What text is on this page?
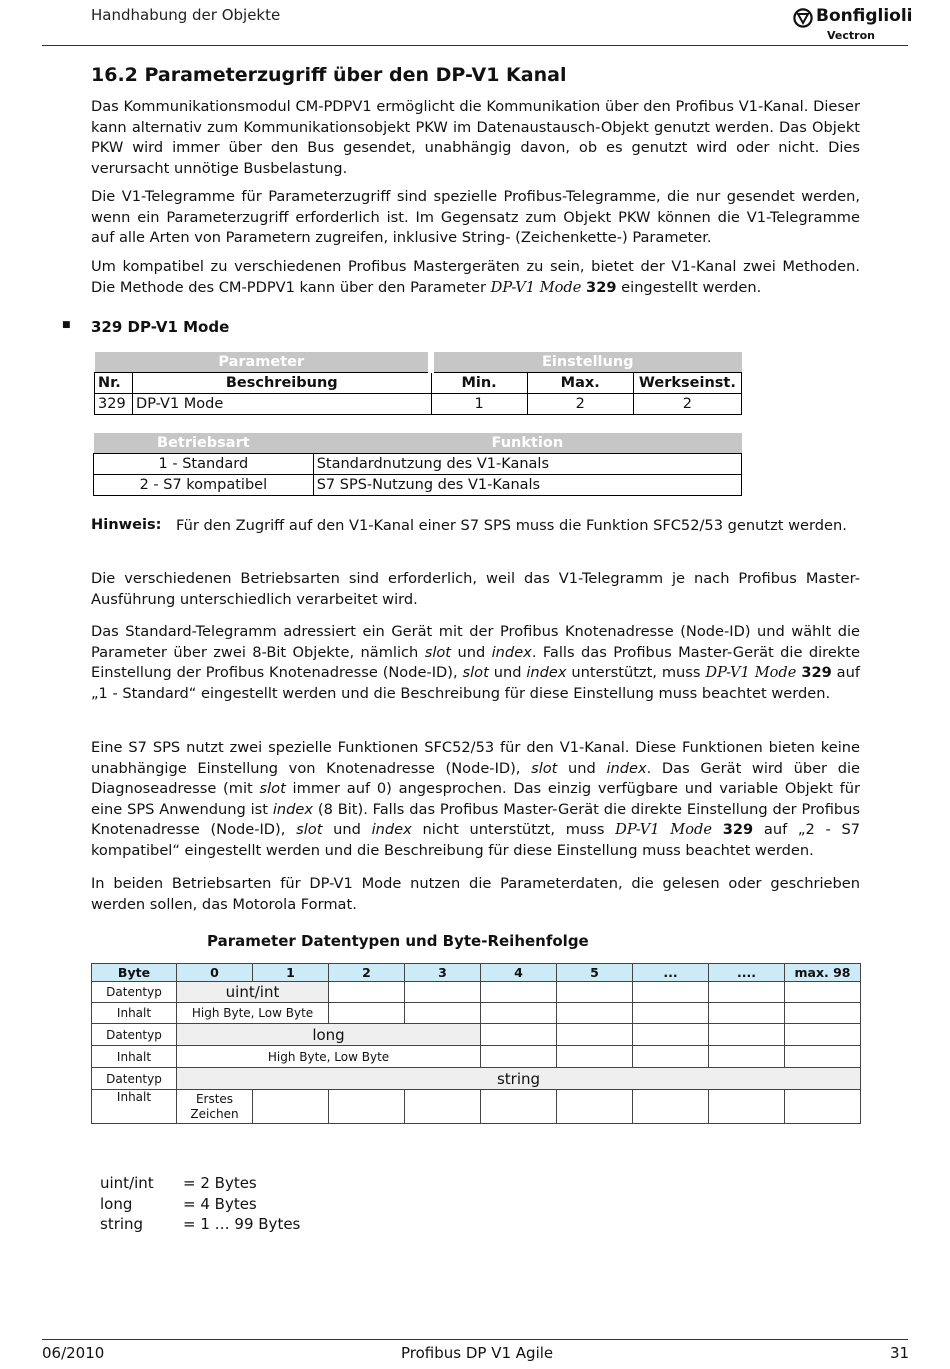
Handhabung der Objekte	Bonfiglioli
Vectron
16.2 Parameterzugriff über den DP-V1 Kanal

Das Kommunikationsmodul CM-PDPV1 ermöglicht die Kommunikation über den Profibus V1-Kanal. Dieser kann alternativ zum Kommunikationsobjekt PKW im Datenaustausch-Objekt genutzt werden. Das Objekt PKW wird immer über den Bus gesendet, unabhängig davon, ob es genutzt wird oder nicht. Dies verursacht unnötige Busbelastung.

Die V1-Telegramme für Parameterzugriff sind spezielle Profibus-Telegramme, die nur gesendet werden, wenn ein Parameterzugriff erforderlich ist. Im Gegensatz zum Objekt PKW können die V1-Telegramme auf alle Arten von Parametern zugreifen, inklusive String- (Zeichenkette-) Parameter.

Um kompatibel zu verschiedenen Profibus Mastergeräten zu sein, bietet der V1-Kanal zwei Methoden. Die Methode des CM-PDPV1 kann über den Parameter DP-V1 Mode 329 eingestellt werden.

■ 329 DP-V1 Mode
Parameter		Einstellung		
Nr.	Beschreibung	Min.	Max.	Werkseinst.
329	DP-V1 Mode	1	2	2
Betriebsart	Funktion
1 - Standard	Standardnutzung des V1-Kanals
2 - S7 kompatibel	S7 SPS-Nutzung des V1-Kanals
Hinweis: Für den Zugriff auf den V1-Kanal einer S7 SPS muss die Funktion SFC52/53 genutzt werden.

Die verschiedenen Betriebsarten sind erforderlich, weil das V1-Telegramm je nach Profibus Master-Ausführung unterschiedlich verarbeitet wird.

Das Standard-Telegramm adressiert ein Gerät mit der Profibus Knotenadresse (Node-ID) und wählt die Parameter über zwei 8-Bit Objekte, nämlich slot und index. Falls das Profibus Master-Gerät die direkte Einstellung der Profibus Knotenadresse (Node-ID), slot und index unterstützt, muss DP-V1 Mode 329 auf „1 - Standard“ eingestellt werden und die Beschreibung für diese Einstellung muss beachtet werden.

Eine S7 SPS nutzt zwei spezielle Funktionen SFC52/53 für den V1-Kanal. Diese Funktionen bieten keine unabhängige Einstellung von Knotenadresse (Node-ID), slot und index. Das Gerät wird über die Diagnoseadresse (mit slot immer auf 0) angesprochen. Das einzig verfügbare und variable Objekt für eine SPS Anwendung ist index (8 Bit). Falls das Profibus Master-Gerät die direkte Einstellung der Profibus Knotenadresse (Node-ID), slot und index nicht unterstützt, muss DP-V1 Mode 329 auf „2 - S7 kompatibel“ eingestellt werden und die Beschreibung für diese Einstellung muss beachtet werden.

In beiden Betriebsarten für DP-V1 Mode nutzen die Parameterdaten, die gelesen oder geschrieben werden sollen, das Motorola Format.

Parameter Datentypen und Byte-Reihenfolge
Byte	0	1	2	3	4	5	...	....	max. 98
Datentyp	uint/int								
Inhalt	High Byte, Low Byte								
Datentyp	long								
Inhalt	High Byte, Low Byte								
Datentyp	string								
Inhalt	Erstes
Zeichen								
uint/int = 2 Bytes
long	= 4 Bytes
string	= 1 … 99 Bytes
06/2010	Profibus DP V1 Agile	31
